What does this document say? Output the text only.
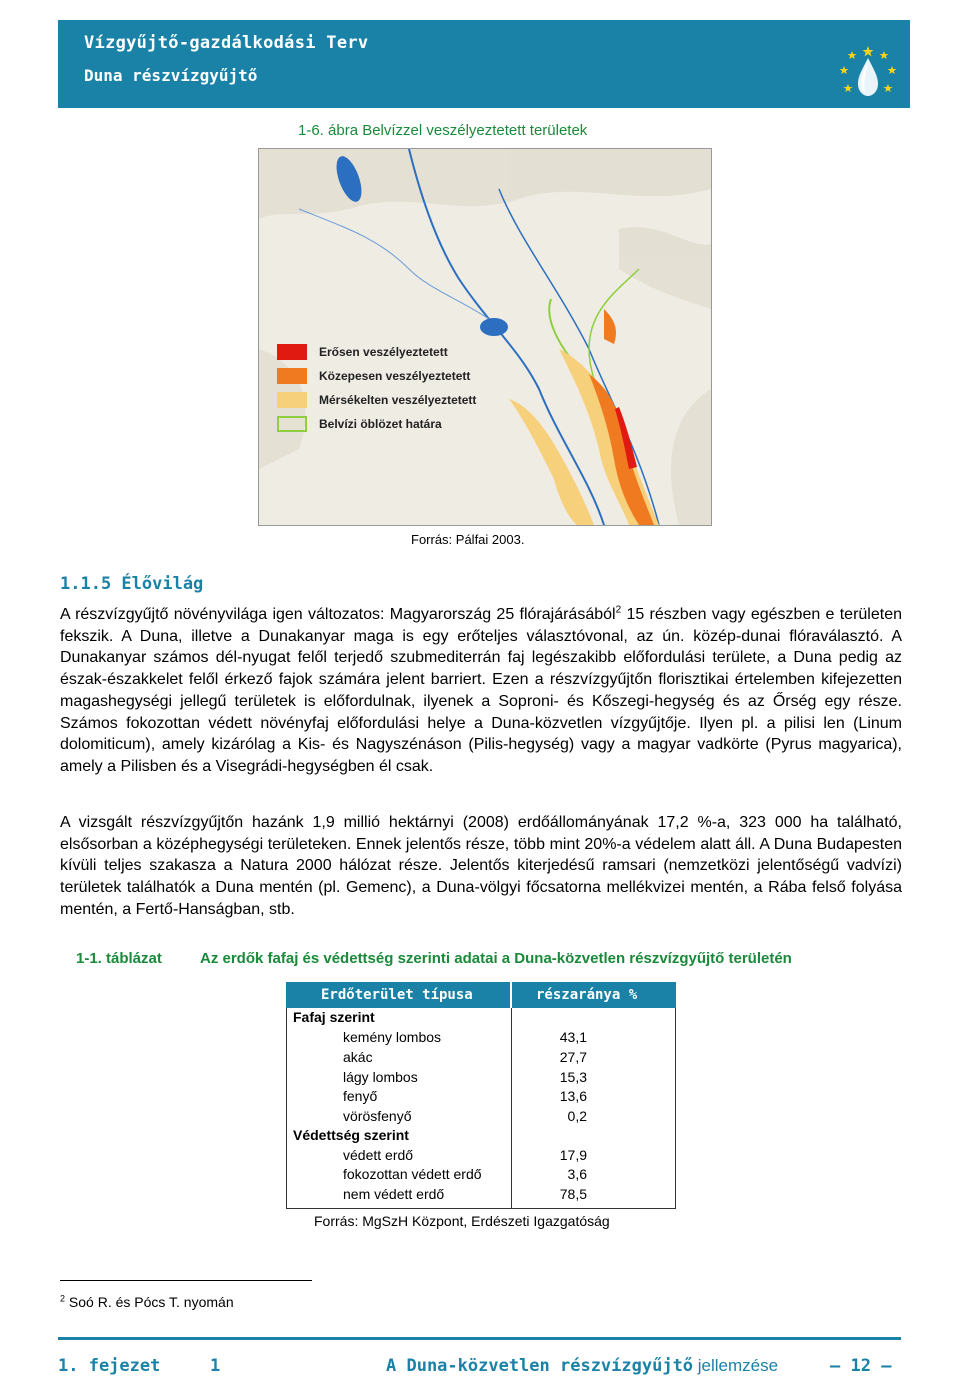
Vízgyűjtő-gazdálkodási Terv
Duna részvízgyűjtő
1-6. ábra Belvízzel veszélyeztetett területek
Erősen veszélyeztetett
Közepesen veszélyeztetett
Mérsékelten veszélyeztetett
Belvízi öblözet határa
Forrás: Pálfai 2003.
1.1.5 Élővilág
A részvízgyűjtő növényvilága igen változatos: Magyarország 25 flórajárásából$^2$ 15 részben vagy egészben e területen fekszik. A Duna, illetve a Dunakanyar maga is egy erőteljes választóvonal, az ún. közép-dunai flóraválasztó. A Dunakanyar számos dél-nyugat felől terjedő szubmediterrán faj legészakibb előfordulási területe, a Duna pedig az észak-északkelet felől érkező fajok számára jelent barriert. Ezen a részvízgyűjtőn florisztikai értelemben kifejezetten magashegységi jellegű területek is előfordulnak, ilyenek a Soproni- és Kőszegi-hegység és az Őrség egy része. Számos fokozottan védett növényfaj előfordulási helye a Duna-közvetlen vízgyűjtője. Ilyen pl. a pilisi len (Linum dolomiticum), amely kizárólag a Kis- és Nagyszénáson (Pilis-hegység) vagy a magyar vadkörte (Pyrus magyarica), amely a Pilisben és a Visegrádi-hegységben él csak.
A vizsgált részvízgyűjtőn hazánk 1,9 millió hektárnyi (2008) erdőállományának 17,2 %-a, 323 000 ha található, elsősorban a középhegységi területeken. Ennek jelentős része, több mint 20%-a védelem alatt áll. A Duna Budapesten kívüli teljes szakasza a Natura 2000 hálózat része. Jelentős kiterjedésű ramsari (nemzetközi jelentőségű vadvízi) területek találhatók a Duna mentén (pl. Gemenc), a Duna-völgyi főcsatorna mellékvizei mentén, a Rába felső folyása mentén, a Fertő-Hanságban, stb.
1-1. táblázat	Az erdők fafaj és védettség szerinti adatai a Duna-közvetlen részvízgyűjtő területén
Erdőterület típusa	részaránya %
Fafaj szerint
kemény lombos	43,1
akác	27,7
lágy lombos	15,3
fenyő	13,6
vörösfenyő	0,2
Védettség szerint
védett erdő	17,9
fokozottan védett erdő	3,6
nem védett erdő	78,5
Forrás: MgSzH Központ, Erdészeti Igazgatóság
$^2$ Soó R. és Pócs T. nyomán
1. fejezet	1	A Duna-közvetlen részvízgyűjtő jellemzése	— 12 —
